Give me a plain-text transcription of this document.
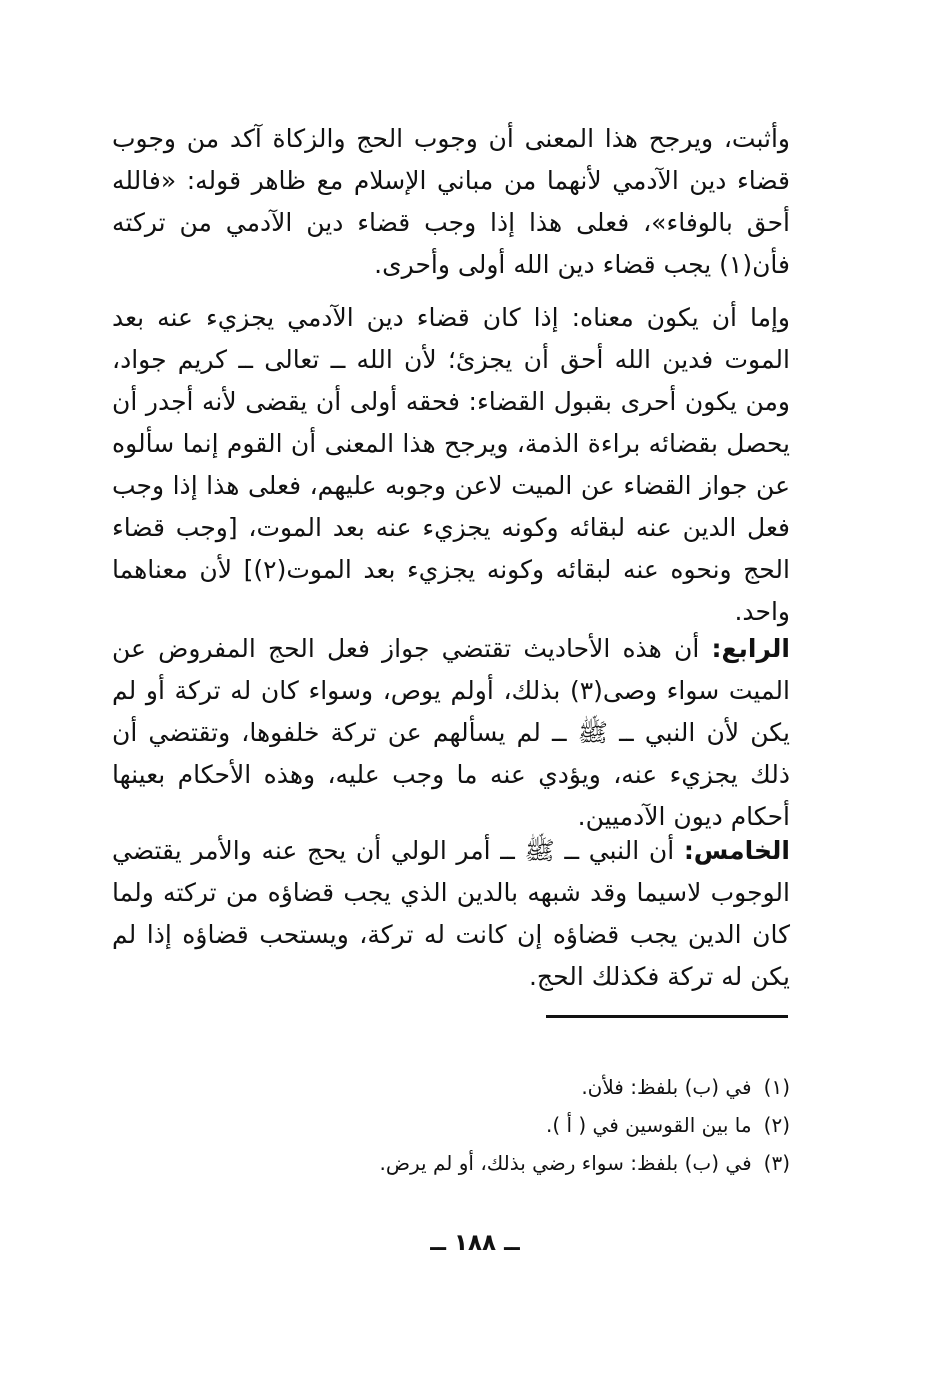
وأثبت، ويرجح هذا المعنى أن وجوب الحج والزكاة آكد من وجوب قضاء دين الآدمي لأنهما من مباني الإسلام مع ظاهر قوله: «فالله أحق بالوفاء»، فعلى هذا إذا وجب قضاء دين الآدمي من تركته فأن(١) يجب قضاء دين الله أولى وأحرى.

وإما أن يكون معناه: إذا كان قضاء دين الآدمي يجزيء عنه بعد الموت فدين الله أحق أن يجزئ؛ لأن الله ــ تعالى ــ كريم جواد، ومن يكون أحرى بقبول القضاء: فحقه أولى أن يقضى لأنه أجدر أن يحصل بقضائه براءة الذمة، ويرجح هذا المعنى أن القوم إنما سألوه عن جواز القضاء عن الميت لاعن وجوبه عليهم، فعلى هذا إذا وجب فعل الدين عنه لبقائه وكونه يجزيء عنه بعد الموت، [وجب قضاء الحج ونحوه عنه لبقائه وكونه يجزيء بعد الموت(٢)] لأن معناهما واحد.

الرابع: أن هذه الأحاديث تقتضي جواز فعل الحج المفروض عن الميت سواء وصى(٣) بذلك، أولم يوص، وسواء كان له تركة أو لم يكن لأن النبي ــ ﷺ ــ لم يسألهم عن تركة خلفوها، وتقتضي أن ذلك يجزيء عنه، ويؤدي عنه ما وجب عليه، وهذه الأحكام بعينها أحكام ديون الآدميين.

الخامس: أن النبي ــ ﷺ ــ أمر الولي أن يحج عنه والأمر يقتضي الوجوب لاسيما وقد شبهه بالدين الذي يجب قضاؤه من تركته ولما كان الدين يجب قضاؤه إن كانت له تركة، ويستحب قضاؤه إذا لم يكن له تركة فكذلك الحج.

(١)في (ب) بلفظ: فلأن.
(٢)ما بين القوسين في ( أ ).
(٣)في (ب) بلفظ: سواء رضي بذلك، أو لم يرض.
ــ ١٨٨ ــ
